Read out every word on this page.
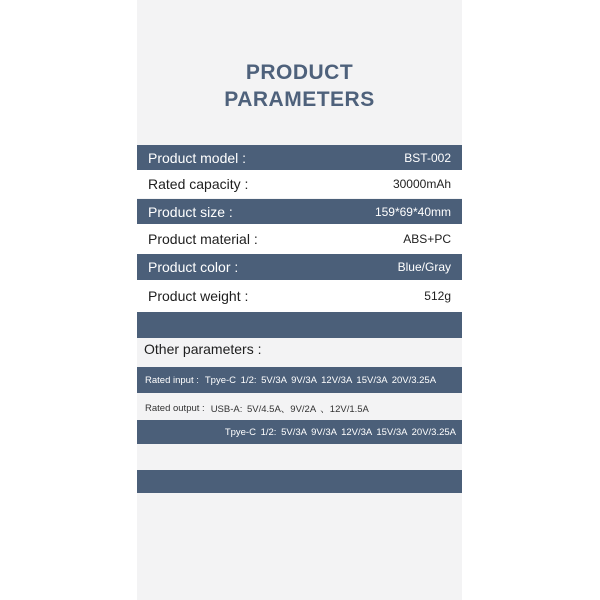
PRODUCT
PARAMETERS
Product model :	BST-002
Rated capacity :	30000mAh
Product size :	159*69*40mm
Product material :	ABS+PC
Product color :	Blue/Gray
Product weight :	512g
Other parameters :
Rated input : Tpye-C 1/2: 5V/3A 9V/3A 12V/3A 15V/3A 20V/3.25A
Rated output : USB-A: 5V/4.5A、9V/2A 、12V/1.5A
Tpye-C 1/2: 5V/3A 9V/3A 12V/3A 15V/3A 20V/3.25A
